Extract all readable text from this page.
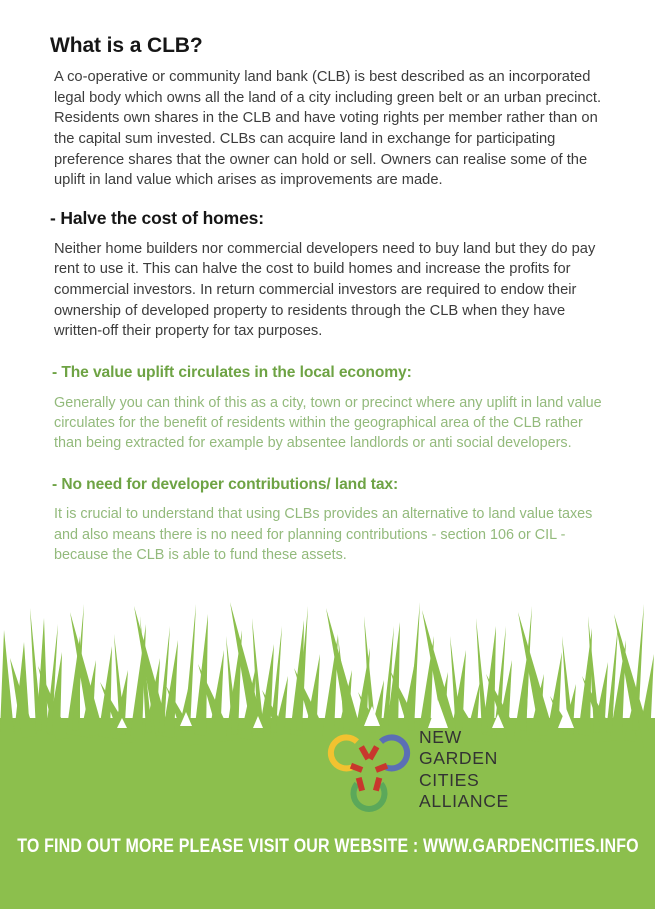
What is a CLB?

A co-operative or community land bank (CLB) is best described as an incorporated legal body which owns all the land of a city including green belt or an urban precinct. Residents own shares in the CLB and have voting rights per member rather than on the capital sum invested. CLBs can acquire land in exchange for participating preference shares that the owner can hold or sell. Owners can realise some of the uplift in land value which arises as improvements are made.

- Halve the cost of homes:

Neither home builders nor commercial developers need to buy land but they do pay rent to use it. This can halve the cost to build homes and increase the profits for commercial investors. In return commercial investors are required to endow their ownership of developed property to residents through the CLB when they have written-off their property for tax purposes.

- The value uplift circulates in the local economy:

Generally you can think of this as a city, town or precinct where any uplift in land value circulates for the benefit of residents within the geographical area of the CLB rather than being extracted for example by absentee landlords or anti social developers.

- No need for developer contributions/ land tax:

It is crucial to understand that using CLBs provides an alternative to land value taxes and also means there is no need for planning contributions - section 106 or CIL - because the CLB is able to fund these assets.

NEW
GARDEN
CITIES
ALLIANCE
TO FIND OUT MORE PLEASE VISIT OUR WEBSITE : WWW.GARDENCITIES.INFO
